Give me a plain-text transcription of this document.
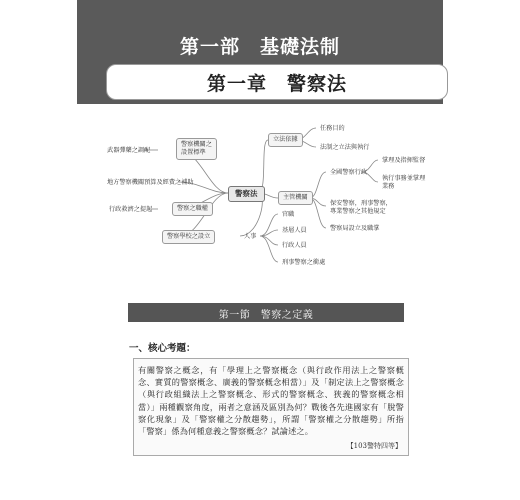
第一部　基礎法制
第一章　警察法
警察法
警察機關之
設置標準
武器彈藥之調配
地方警察機關預算及經費之補助
行政救濟之提起	警察之職權
警察學校之設立
立法依據
任務目的
法制之立法與執行
主管機關
全國警察行政
掌理及指揮監督
執行事務並掌理業務
保安警察，刑事警察，
專業警察之其他規定
警察局設立及職掌
人事
官職
基層人員
行政人員
刑事警察之衝處
第一節　警察之定義
一、核心考題：

有關警察之概念，有「學理上之警察概念（與行政作用法上之警察概念、實質的警察概念、廣義的警察概念相當）」及「制定法上之警察概念（與行政組織法上之警察概念、形式的警察概念、狹義的警察概念相當）」兩種觀察角度，兩者之意涵及區別為何？戰後各先進國家有「脫警察化現象」及「警察權之分散趨勢」，所謂「警察權之分散趨勢」所指「警察」係為何種意義之警察概念？試論述之。

【103警特四等】
